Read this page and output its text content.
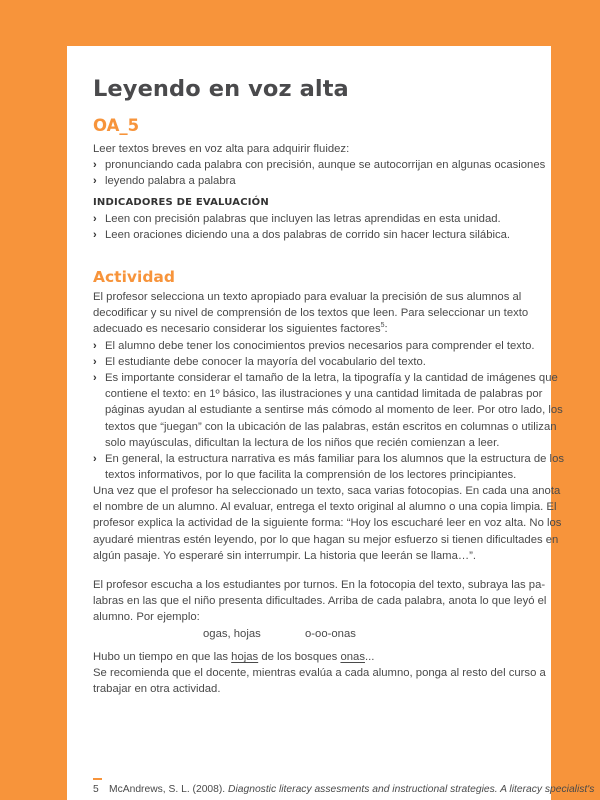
Leyendo en voz alta
OA_5
Leer textos breves en voz alta para adquirir fluidez:
› pronunciando cada palabra con precisión, aunque se autocorrijan en algunas ocasiones
› leyendo palabra a palabra
INDICADORES DE EVALUACIÓN
› Leen con precisión palabras que incluyen las letras aprendidas en esta unidad.
› Leen oraciones diciendo una a dos palabras de corrido sin hacer lectura silábica.
Actividad
El profesor selecciona un texto apropiado para evaluar la precisión de sus alumnos al
decodificar y su nivel de comprensión de los textos que leen. Para seleccionar un texto
adecuado es necesario considerar los siguientes factores$^5$:
› El alumno debe tener los conocimientos previos necesarios para comprender el texto.
› El estudiante debe conocer la mayoría del vocabulario del texto.
› Es importante considerar el tamaño de la letra, la tipografía y la cantidad de imágenes que
contiene el texto: en 1º básico, las ilustraciones y una cantidad limitada de palabras por
páginas ayudan al estudiante a sentirse más cómodo al momento de leer. Por otro lado, los
textos que “juegan” con la ubicación de las palabras, están escritos en columnas o utilizan
solo mayúsculas, dificultan la lectura de los niños que recién comienzan a leer.
› En general, la estructura narrativa es más familiar para los alumnos que la estructura de los
textos informativos, por lo que facilita la comprensión de los lectores principiantes.
Una vez que el profesor ha seleccionado un texto, saca varias fotocopias. En cada una anota
el nombre de un alumno. Al evaluar, entrega el texto original al alumno o una copia limpia. El
profesor explica la actividad de la siguiente forma: “Hoy los escucharé leer en voz alta. No los
ayudaré mientras estén leyendo, por lo que hagan su mejor esfuerzo si tienen dificultades en
algún pasaje. Yo esperaré sin interrumpir. La historia que leerán se llama…”.
El profesor escucha a los estudiantes por turnos. En la fotocopia del texto, subraya las pa-
labras en las que el niño presenta dificultades. Arriba de cada palabra, anota lo que leyó el
alumno. Por ejemplo:
ogas, hojas	o-oo-onas
Hubo un tiempo en que las hojas de los bosques onas...
Se recomienda que el docente, mientras evalúa a cada alumno, ponga al resto del curso a
trabajar en otra actividad.
5 McAndrews, S. L. (2008). Diagnostic literacy assesments and instructional strategies. A literacy specialist's
